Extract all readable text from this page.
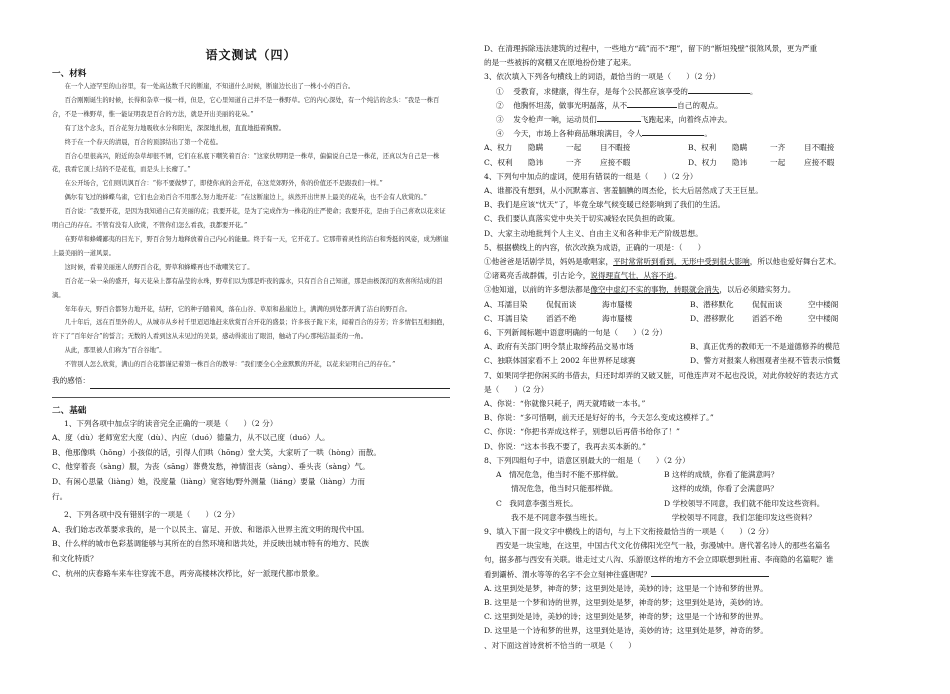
语文测试（四）
一、材料

在一个人迹罕至的山谷里，有一处高达数千尺的断崖，不知道什么时候，断崖边长出了一株小小的百合。

百合刚刚诞生的时候，长得和杂草一模一样，但是，它心里知道自己并不是一株野草。它的内心深处，有一个纯洁的念头：“我是一株百合，不是一株野草，惟一能证明我是百合的方法，就是开出美丽的花朵。”

有了这个念头，百合花努力地吸收水分和阳光，深深地扎根，直直地挺着胸膛。

终于在一个春天的清晨，百合的顶部结出了第一个花苞。

百合心里很高兴，附近的杂草却很不屑，它们在私底下嘲笑着百合：“这家伙明明是一株草，偏偏说自己是一株花，还真以为自己是一株花，我看它顶上结的不是花苞，而是头上长瘤了。”

在公开场合，它们则讥讽百合：“你不要做梦了，即使你真的会开花，在这荒郊野外，你的价值还不是跟我们一样。”

偶尔有飞过的蜂蝶鸟雀，它们也会劝百合不用那么努力地开花：“在这断崖边上，纵然开出世界上最美的花朵，也不会有人欣赏的。”

百合说：“我要开花，是因为我知道自己有美丽的花；我要开花，是为了完成作为一株花的庄严使命；我要开花，是由于自己喜欢以花来证明自己的存在。不管有没有人欣赏，不管你们怎么看我，我都要开花。”

在野草和蜂蝶鄙夷的目光下，野百合努力地释放着自己内心的能量。终于有一天，它开花了。它那带着灵性的洁白和秀挺的风姿，成为断崖上最美丽的一道风景。

这时候，看着美丽迷人的野百合花，野草和蜂蝶再也不敢嘲笑它了。

百合花一朵一朵的盛开，每天花朵上都有晶莹的水珠，野草们以为那是昨夜的露水，只有百合自己知道，那是由极深沉的欢喜所结成的泪滴。

年年春天，野百合都努力地开花，结籽，它的种子随着风，落在山谷、草原和悬崖边上，满满的到处都开满了洁白的野百合。

几十年后，远在百里外的人，从城市从乡村千里迢迢地赶来欣赏百合开花的盛景；许多孩子跪下来，闻着百合的芬芳；许多情侣互相拥抱，许下了“百年好合”的誓言；无数的人看到这从未见过的美景，感动得流出了眼泪，触动了内心那纯洁温柔的一角。

从此，那里被人们称为“百合谷地”。

不管别人怎么欣赏，满山的百合花都谨记着第一株百合的教导：“我们要全心全意默默的开花，以花来证明自己的存在。”

我的感悟：
二、基础

1、下列各项中加点字的读音完全正确的一项是（　　）（2 分）

A、度（dù）老师宽宏大度（dù）、内应（duó）德量力，从不以己度（duó）人。

B、他那像哄（hǒng）小孩似的话，引得人们哄（hōng）堂大笑，大家听了一哄（hòng）而散。

C、他穿着丧（sàng）服，为丧（sāng）葬费发愁，神情沮丧（sàng）、垂头丧（sàng）气。

D、有闲心思量（liàng）她，没度量（liàng）宽容她/野外测量（liáng）要量（liàng）力而

行。

2、下列各项中没有错别字的一项是（　　）（2 分）

A、我们始志改革要求我的，是一个以民主、富足、开放、和谐添入世界主流文明的现代中国。

B、什么样的城市色彩基调能够与其所在的自然环境和谐共处，并反映出城市特有的地方、民族

和文化特质？

C、杭州的庆春路车来车往穿流不息，两旁高楼林次栉比，好一派现代都市景象。

D、在清理拆除违法建筑的过程中，一些地方“疏”而不“理”，留下的“断垣残壁”很煞风景，更为严重

的是一些被拆的窝棚又在原地扮份建了起来。

3、依次填入下列各句横线上的词语，最恰当的一项是（　　）（2 分）

① 受教育，求健康，得生存，是每个公民都应该享受的	。

② 他胸怀坦荡，做事光明磊落，从不	自己的观点。

③ 发令枪声一响，运动员们	飞跑起来，向着终点冲去。

④ 今天，市场上各种商品琳琅满目，令人	。

A、权力	隐瞒	一起	目不暇接	B、权利	隐瞒	一齐	目不暇接
C、权利	隐讳	一齐	应接不暇	D、权力	隐讳	一起	应接不暇

4、下列句中加点的虚词，使用有错误的一组是（　　）（2 分）

A、谁都没有想到，从小沉默寡言、害羞腼腆的周杰伦，长大后居然成了天王巨星。

B、我们是应该“忧天”了，毕竟全球气候变暖已经影响到了我们的生活。

C、我们要认真落实党中央关于切实减轻农民负担的政策。

D、大家主动地批判个人主义、自由主义和各种非无产阶级思想。

5、根据横线上的内容，依次改换为成语，正确的一项是：（　　）

①他爸爸是话剧学员，妈妈是歌唱家，平时常常听到看到，无形中受到很大影响，所以他也爱好舞台艺术。

②诸葛亮舌战群儒，引古论今，说得理直气壮，从容不迫。

③他知道，以前的许多想法都是像空中虚幻不实的事物，转眼就会消失，以后必须踏实努力。

A、耳濡目染	侃侃而谈	海市蜃楼	B、潜移默化	侃侃而谈	空中楼阁
C、耳濡目染	滔滔不绝	海市蜃楼	D、潜移默化	滔滔不绝	空中楼阁

6、下列新闻标题中语意明确的一句是（　　）（2 分）

A、政府有关部门明令禁止取缔药品交易市场	B、真正优秀的教师无一不是道德修养的模范
C、独联体国家看不上 2002 年世界杯足球赛	D、警方对报案人称围观者坐视不管表示愤慨

7、如果同学把你闲买的书借去，归还时却弄的又破又脏，可他连声对不起也没说，对此你较好的表达方式

是（　　）（2 分）

A、你说：“你就像只耗子，两天就啃破一本书。”

B、你说：“多可惜啊，前天还是好好的书，今天怎么变成这模样了。”

C、你说：“你把书弄成这样子，别想以后再借书给你了！”

D、你说：“这本书我不要了，我再去买本新的。”

8、下列四组句子中，语意区别最大的一组是（　　）（2 分）

A　情况危急，他当时不能不那样做。	B 这样的成绩，你看了能满意吗？
　　情况危急，他当时只能那样做。	　这样的成绩，你看了会满意吗？
C　我同意李强当班长。	D 学校领导不同意，我们就不能印发这些资料。
　　我不是不同意李强当班长。	　学校领导不同意，我们怎能印发这些资料？

9、填入下面一段文字中横线上的语句，与上下文衔接最恰当的一项是（　　）（2 分）

西安是一块宝地，在这里，中国古代文化仿佛阳光空气一般，弥漫城中。唐代著名诗人的那些名篇名

句，据多都与西安有关联。谁走过丈八沟、乐游原这样的地方不会立即联想到杜甫、李商隐的名篇呢？谁

看到灞桥、渭水等等的名字不会立刻神往盛唐呢？

A. 这里到处是梦，神奇的梦；这里到处是诗，美妙的诗；这里是一个诗和梦的世界。

B. 这里是一个梦和诗的世界，这里到处是梦，神奇的梦；这里到处是诗，美妙的诗。

C. 这里到处是诗，美妙的诗；这里到处是梦，神奇的梦；这里是一个诗和梦的世界。

D. 这里是一个诗和梦的世界，这里到处是诗，美妙的诗；这里到处是梦，神奇的梦。

、对下面这首诗赏析不恰当的一项是（　　）
